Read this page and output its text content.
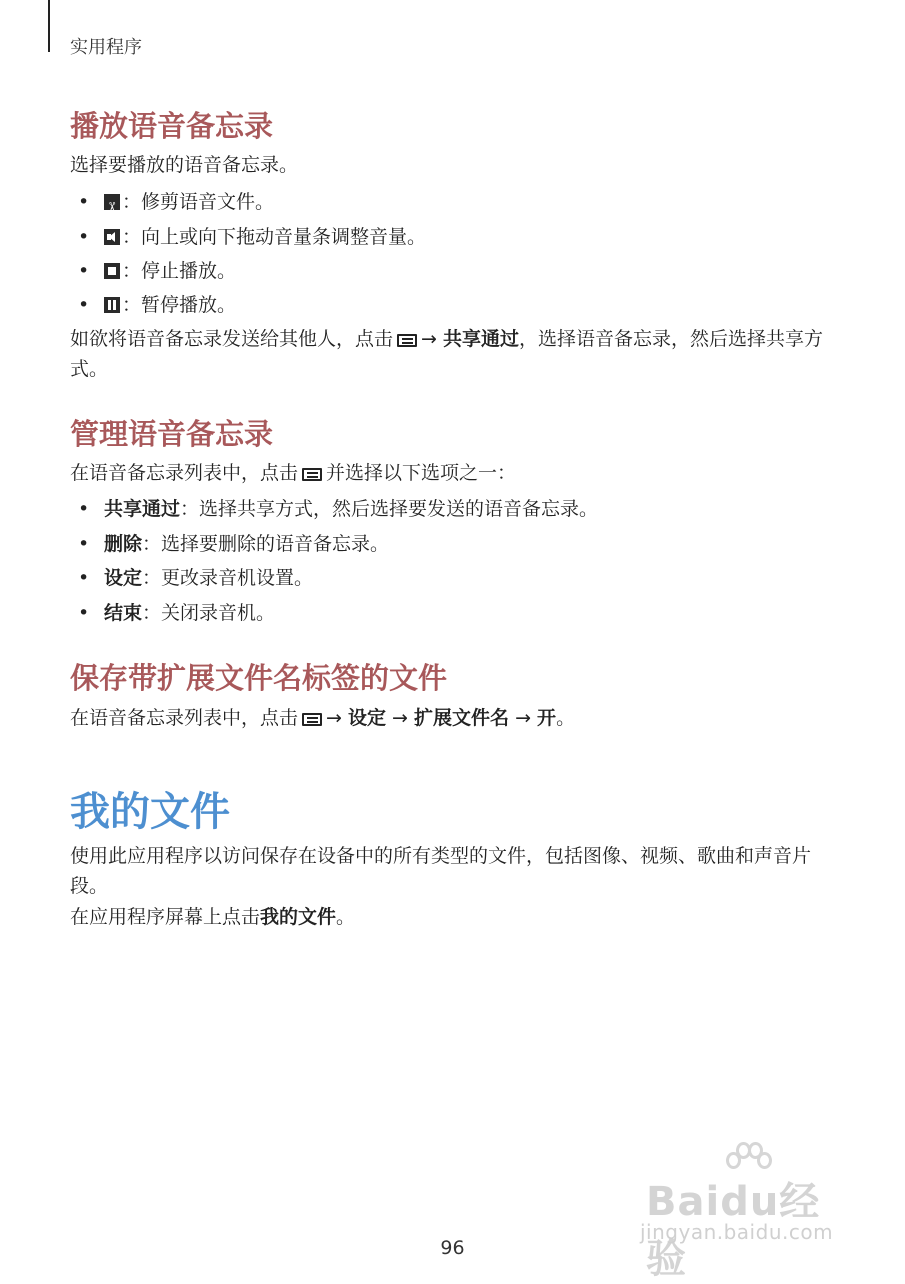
实用程序
播放语音备忘录
选择要播放的语音备忘录。
•✂ ：修剪语音文件。
• ：向上或向下拖动音量条调整音量。
• ：停止播放。
• ：暂停播放。
如欲将语音备忘录发送给其他人，点击 → 共享通过，选择语音备忘录，然后选择共享方式。
管理语音备忘录
在语音备忘录列表中，点击 并选择以下选项之一：
• 共享通过：选择共享方式，然后选择要发送的语音备忘录。
• 删除：选择要删除的语音备忘录。
• 设定：更改录音机设置。
• 结束：关闭录音机。
保存带扩展文件名标签的文件
在语音备忘录列表中，点击 → 设定 → 扩展文件名 → 开。
我的文件
使用此应用程序以访问保存在设备中的所有类型的文件，包括图像、视频、歌曲和声音片段。
在应用程序屏幕上点击我的文件。
Baidu经验
jingyan.baidu.com
96
